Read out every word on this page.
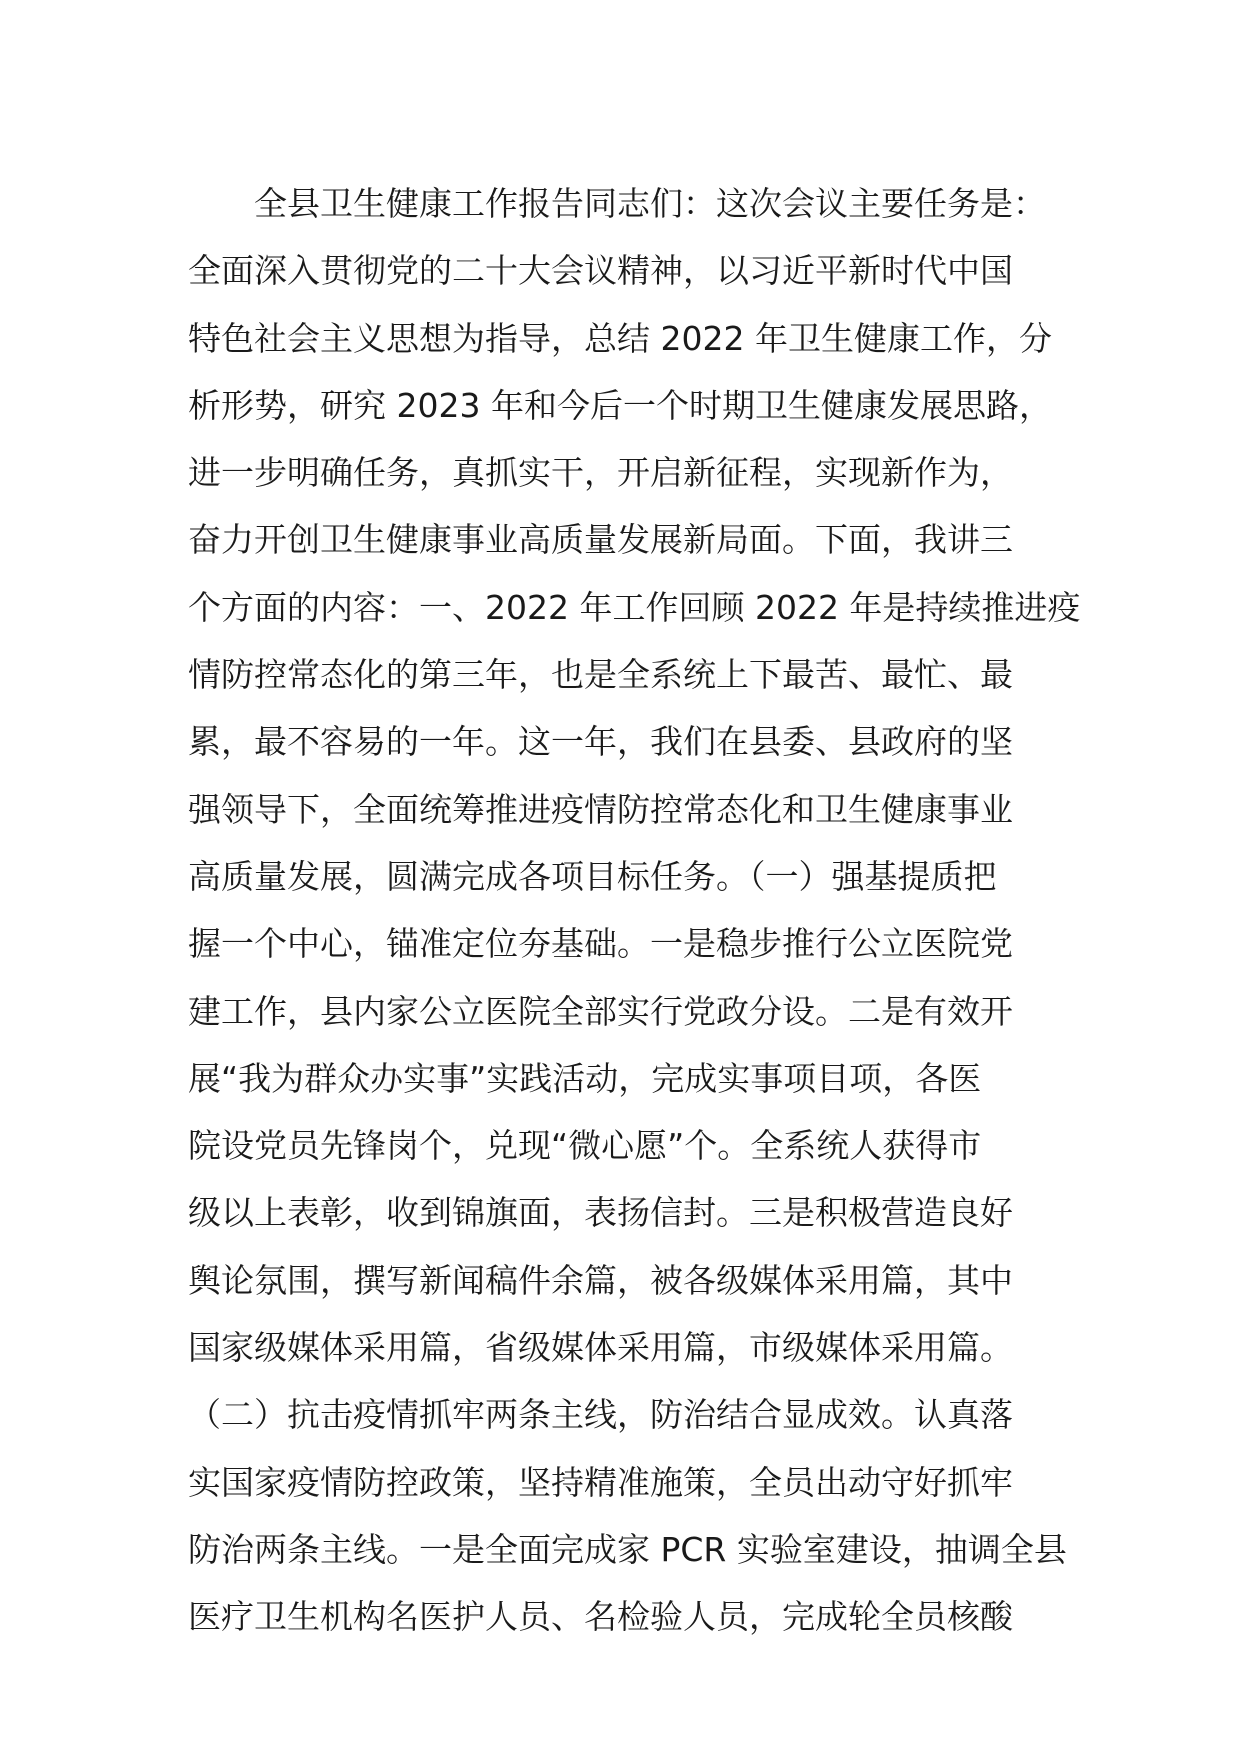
全县卫生健康工作报告同志们：这次会议主要任务是：
全面深入贯彻党的二十大会议精神，以习近平新时代中国
特色社会主义思想为指导，总结 2022 年卫生健康工作，分
析形势，研究 2023 年和今后一个时期卫生健康发展思路，
进一步明确任务，真抓实干，开启新征程，实现新作为，
奋力开创卫生健康事业高质量发展新局面。下面，我讲三
个方面的内容：一、2022 年工作回顾 2022 年是持续推进疫
情防控常态化的第三年，也是全系统上下最苦、最忙、最
累，最不容易的一年。这一年，我们在县委、县政府的坚
强领导下，全面统筹推进疫情防控常态化和卫生健康事业
高质量发展，圆满完成各项目标任务。（一）强基提质把
握一个中心，锚准定位夯基础。一是稳步推行公立医院党
建工作，县内家公立医院全部实行党政分设。二是有效开
展“我为群众办实事”实践活动，完成实事项目项，各医
院设党员先锋岗个，兑现“微心愿”个。全系统人获得市
级以上表彰，收到锦旗面，表扬信封。三是积极营造良好
舆论氛围，撰写新闻稿件余篇，被各级媒体采用篇，其中
国家级媒体采用篇，省级媒体采用篇，市级媒体采用篇。
（二）抗击疫情抓牢两条主线，防治结合显成效。认真落
实国家疫情防控政策，坚持精准施策，全员出动守好抓牢
防治两条主线。一是全面完成家 PCR 实验室建设，抽调全县
医疗卫生机构名医护人员、名检验人员，完成轮全员核酸
